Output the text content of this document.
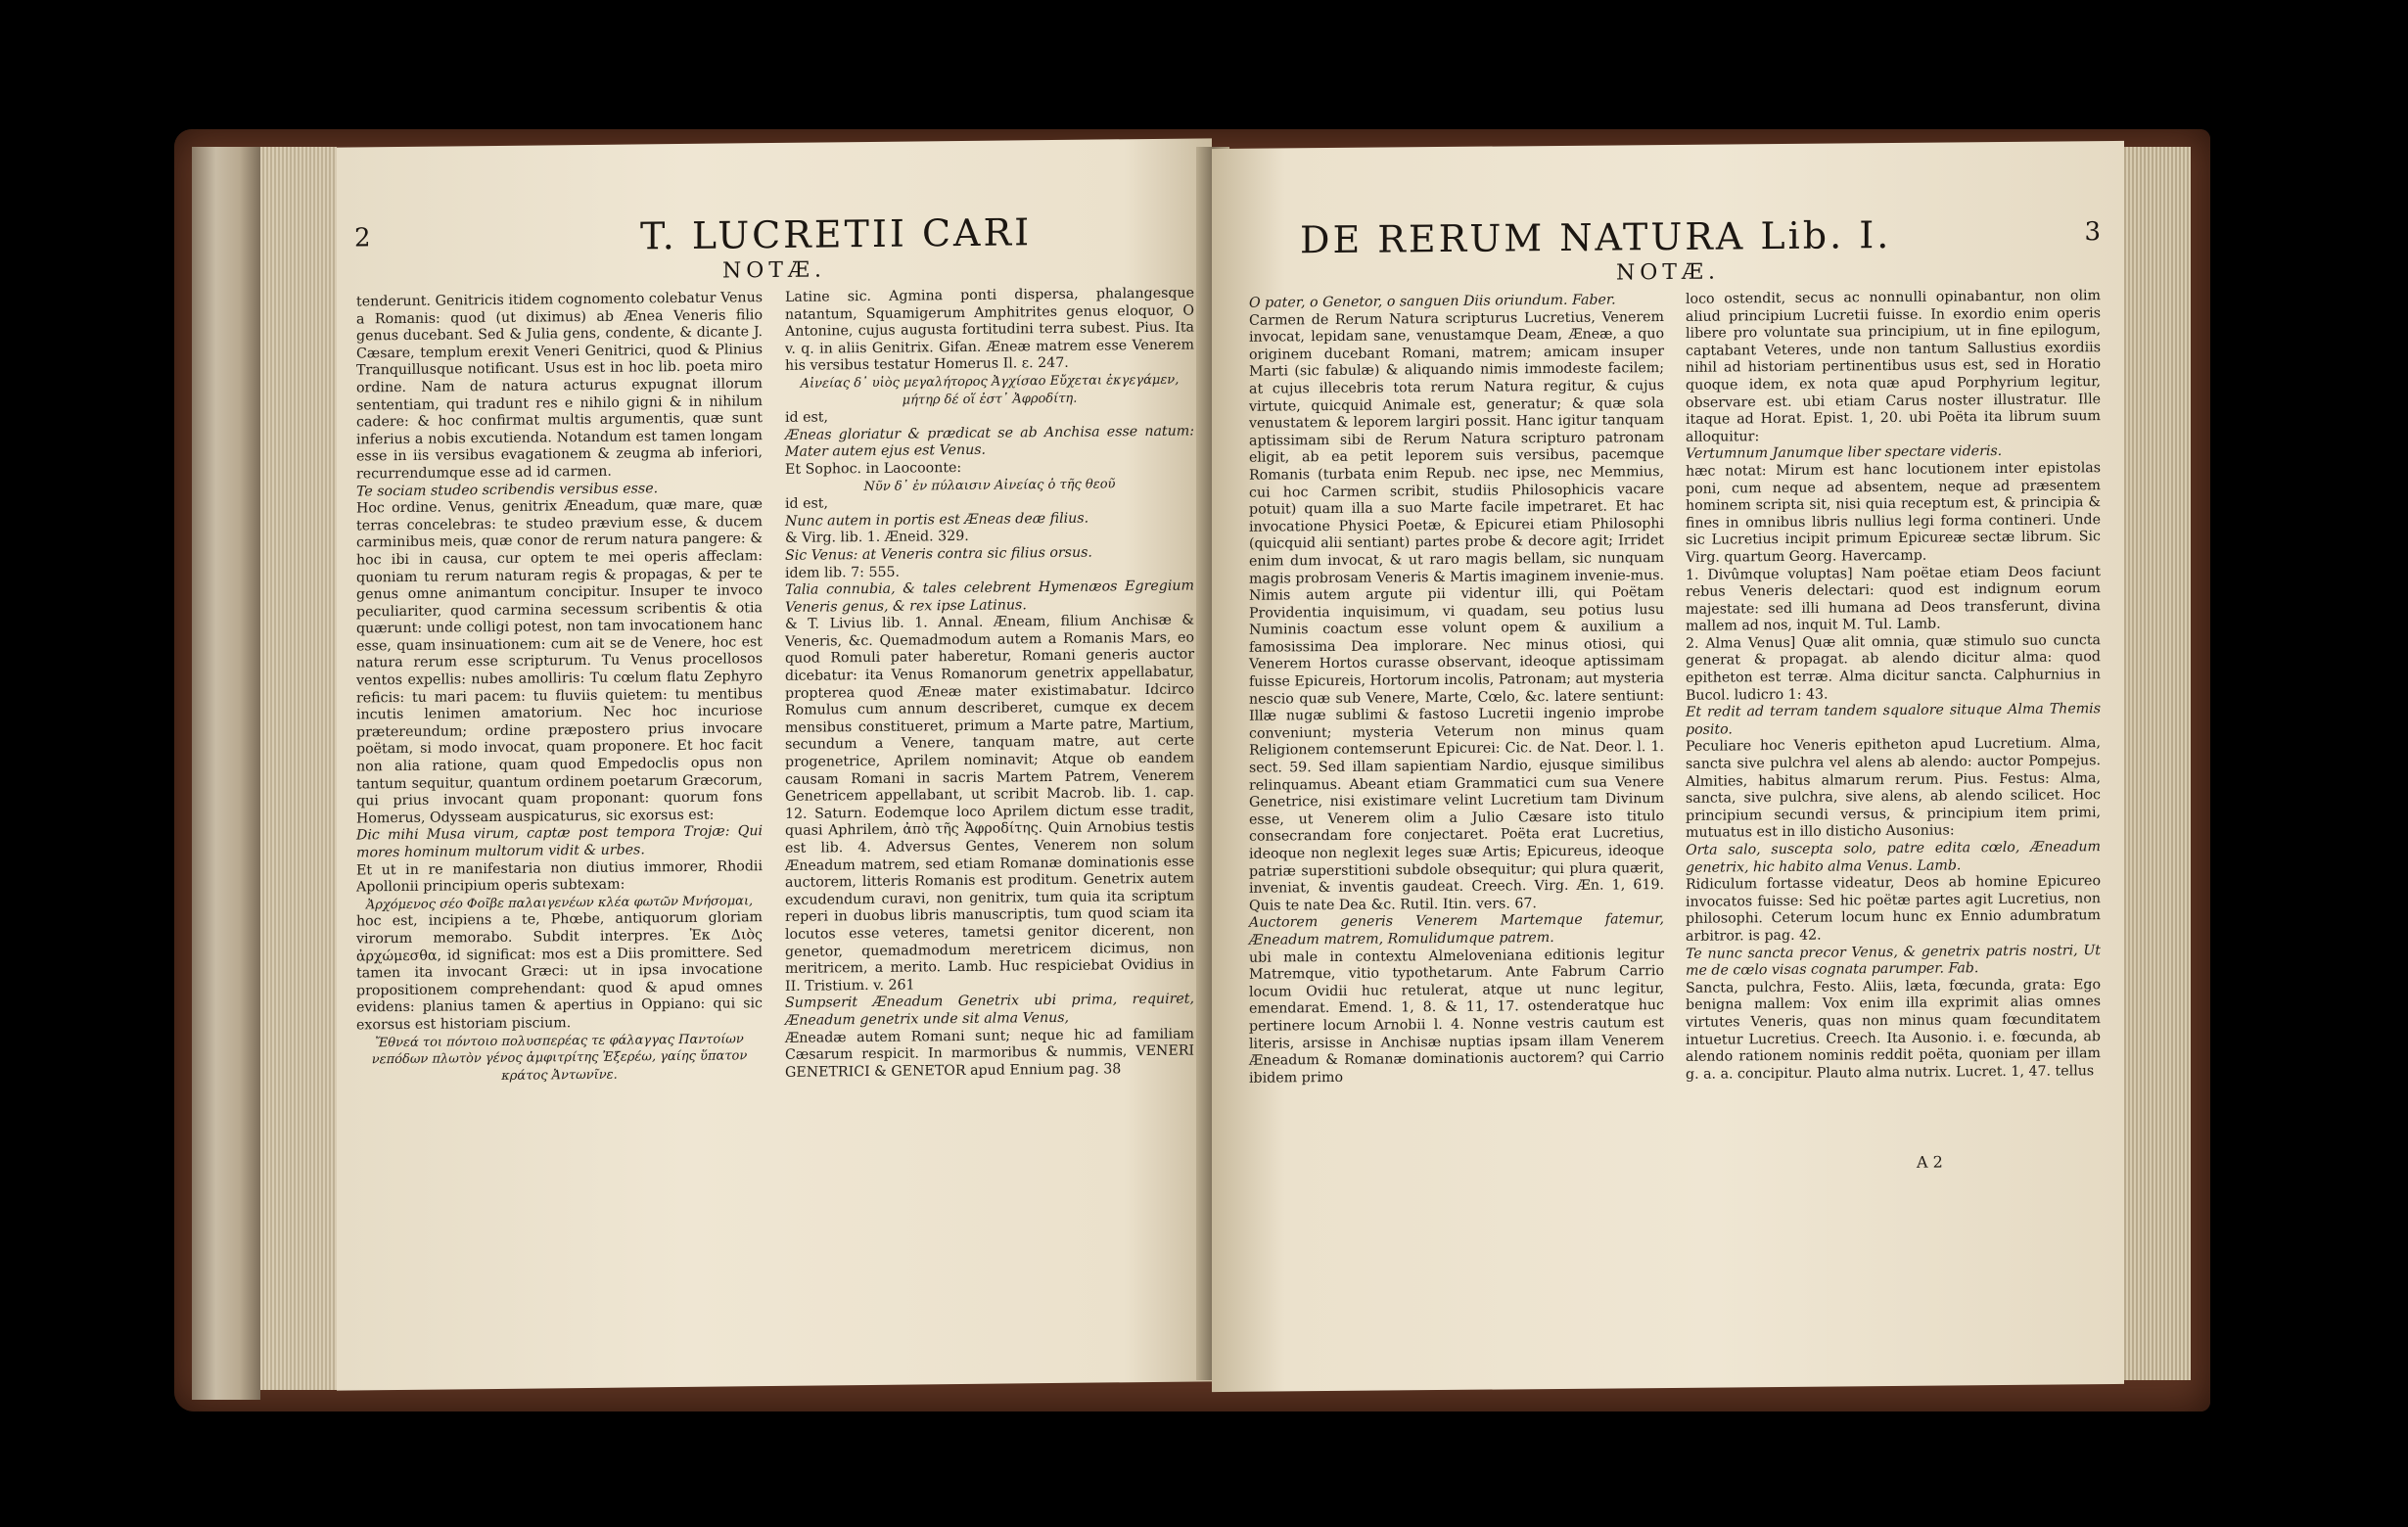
2	T. LUCRETII CARI
NOTÆ.

tenderunt. Genitricis itidem cognomento colebatur Venus a Romanis: quod (ut diximus) ab Æneа Veneris filio genus ducebant. Sed & Julia gens, condente, & dicante J. Cæsare, templum erexit Veneri Genitrici, quod & Plinius Tranquillusque notificant. Usus est in hoc lib. poeta miro ordine. Nam de natura acturus expugnat illorum sententiam, qui tradunt res e nihilo gigni & in nihilum cadere: & hoc confirmat multis argumentis, quæ sunt inferius a nobis excutienda. Notandum est tamen longam esse in iis versibus evagationem & zeugma ab inferiori, recurrendumque esse ad id carmen.

Te sociam studeo scribendis versibus esse.

Hoc ordine. Venus, genitrix Æneadum, quæ mare, quæ terras concelebras: te studeo prævium esse, & ducem carminibus meis, quæ conor de rerum natura pangere: & hoc ibi in causa, cur optem te mei operis affeclam: quoniam tu rerum naturam regis & propagas, & per te genus omne animantum concipitur. Insuper te invoco peculiariter, quod carmina secessum scribentis & otia quærunt: unde colligi potest, non tam invocationem hanc esse, quam insinuationem: cum ait se de Venere, hoc est natura rerum esse scripturum. Tu Venus procellosos ventos expellis: nubes amolliris: Tu cœlum flatu Zephyro reficis: tu mari pacem: tu fluviis quietem: tu mentibus incutis lenimen amatorium. Nec hoc incuriose prætereundum; ordine præpostero prius invocare poëtam, si modo invocat, quam proponere. Et hoc facit non alia ratione, quam quod Empedoclis opus non tantum sequitur, quantum ordinem poetarum Græcorum, qui prius invocant quam proponant: quorum fons Homerus, Odysseam auspicaturus, sic exorsus est:

Dic mihi Musa virum, captæ post tempora Trojæ: Qui mores hominum multorum vidit & urbes.

Et ut in re manifestaria non diutius immorer, Rhodii Apollonii principium operis subtexam:

Ἀρχόμενος σέο Φοῖβε παλαιγενέων κλέα φωτῶν Μνήσομαι,

hoc est, incipiens a te, Phœbe, antiquorum gloriam virorum memorabo. Subdit interpres. Ἐκ Διὸς ἀρχώμεσθα, id significat: mos est a Diis promittere. Sed tamen ita invocant Græci: ut in ipsa invocatione propositionem comprehendant: quod & apud omnes evidens: planius tamen & apertius in Oppiano: qui sic exorsus est historiam piscium.

Ἔθνεά τοι πόντοιο πολυσπερέας τε φάλαγγας Παντοίων νεπόδων πλωτὸν γένος ἀμφιτρίτης Ἐξερέω, γαίης ὕπατον κράτος Ἀντωνῖνε.

Latine sic. Agmina ponti dispersa, phalangesque natantum, Squamigerum Amphitrites genus eloquor, O Antonine, cujus augusta fortitudini terra subest. Pius. Ita v. q. in aliis Genitrix. Gifan. Æneæ matrem esse Venerem his versibus testatur Homerus Il. ε. 247.

Αἰνείας δ᾽ υἱὸς μεγαλήτορος Ἀγχίσαο Εὔχεται ἐκγεγάμεν, μήτηρ δέ οἵ ἐστ᾽ Ἀφροδίτη.

id est,

Æneas gloriatur & prædicat se ab Anchisa esse natum: Mater autem ejus est Venus.

Et Sophoc. in Laocoonte:

Νῦν δ᾽ ἐν πύλαισιν Αἰνείας ὁ τῆς θεοῦ

id est,

Nunc autem in portis est Æneas deæ filius.

& Virg. lib. 1. Æneid. 329.

Sic Venus: at Veneris contra sic filius orsus.

idem lib. 7: 555.

Talia connubia, & tales celebrent Hymenæos Egregium Veneris genus, & rex ipse Latinus.

& T. Livius lib. 1. Annal. Æneam, filium Anchisæ & Veneris, &c. Quemadmodum autem a Romanis Mars, eo quod Romuli pater haberetur, Romani generis auctor dicebatur: ita Venus Romanorum genetrix appellabatur, propterea quod Æneæ mater existimabatur. Idcirco Romulus cum annum describeret, cumque ex decem mensibus constitueret, primum a Marte patre, Martium, secundum a Venere, tanquam matre, aut certe progenetrice, Aprilem nominavit; Atque ob eandem causam Romani in sacris Martem Patrem, Venerem Genetricem appellabant, ut scribit Macrob. lib. 1. cap. 12. Saturn. Eodemque loco Aprilem dictum esse tradit, quasi Aphrilem, ἀπὸ τῆς Ἀφροδίτης. Quin Arnobius testis est lib. 4. Adversus Gentes, Venerem non solum Æneadum matrem, sed etiam Romanæ dominationis esse auctorem, litteris Romanis est proditum. Genetrix autem excudendum curavi, non genitrix, tum quia ita scriptum reperi in duobus libris manuscriptis, tum quod sciam ita locutos esse veteres, tametsi genitor dicerent, non genetor, quemadmodum meretricem dicimus, non meritricem, a merito. Lamb. Huc respiciebat Ovidius in II. Tristium. v. 261

Sumpserit Æneadum Genetrix ubi prima, requiret, Æneadum genetrix unde sit alma Venus,

Æneadæ autem Romani sunt; neque hic ad familiam Cæsarum respicit. In marmoribus & nummis, VENERI GENETRICI & GENETOR apud Ennium pag. 38

DE RERUM NATURA Lib. I.	3
NOTÆ.

O pater, o Genetor, o sanguen Diis oriundum. Faber.

Carmen de Rerum Natura scripturus Lucretius, Venerem invocat, lepidam sane, venustamque Deam, Æneæ, a quo originem ducebant Romani, matrem; amicam insuper Marti (sic fabulæ) & aliquando nimis immodeste facilem; at cujus illecebris tota rerum Natura regitur, & cujus virtute, quicquid Animale est, generatur; & quæ sola venustatem & leporem largiri possit. Hanc igitur tanquam aptissimam sibi de Rerum Natura scripturo patronam eligit, ab ea petit leporem suis versibus, pacemque Romanis (turbata enim Repub. nec ipse, nec Memmius, cui hoc Carmen scribit, studiis Philosophicis vacare potuit) quam illa a suo Marte facile impetraret. Et hac invocatione Physici Poetæ, & Epicurei etiam Philosophi (quicquid alii sentiant) partes probe & decore agit; Irridet enim dum invocat, & ut raro magis bellam, sic nunquam magis probrosam Veneris & Martis imaginem invenie-mus. Nimis autem argute pii videntur illi, qui Poëtam Providentia inquisimum, vi quadam, seu potius lusu Numinis coactum esse volunt opem & auxilium a famosissima Dea implorare. Nec minus otiosi, qui Venerem Hortos curasse observant, ideoque aptissimam fuisse Epicureis, Hortorum incolis, Patronam; aut mysteria nescio quæ sub Venere, Marte, Cœlo, &c. latere sentiunt: Illæ nugæ sublimi & fastoso Lucretii ingenio improbe conveniunt; mysteria Veterum non minus quam Religionem contemserunt Epicurei: Cic. de Nat. Deor. l. 1. sect. 59. Sed illam sapientiam Nardio, ejusque similibus relinquamus. Abeant etiam Grammatici cum sua Venere Genetrice, nisi existimare velint Lucretium tam Divinum esse, ut Venerem olim a Julio Cæsare isto titulo consecrandam fore conjectaret. Poëta erat Lucretius, ideoque non neglexit leges suæ Artis; Epicureus, ideoque patriæ superstitioni subdole obsequitur; qui plura quærit, inveniat, & inventis gaudeat. Creech. Virg. Æn. 1, 619. Quis te nate Dea &c. Rutil. Itin. vers. 67.

Auctorem generis Venerem Martemque fatemur, Æneadum matrem, Romulidumque patrem.

ubi male in contextu Almeloveniana editionis legitur Matremque, vitio typothetarum. Ante Fabrum Carrio locum Ovidii huc retulerat, atque ut nunc legitur, emendarat. Emend. 1, 8. & 11, 17. ostenderatque huc pertinere locum Arnobii l. 4. Nonne vestris cautum est literis, arsisse in Anchisæ nuptias ipsam illam Venerem Æneadum & Romanæ dominationis auctorem? qui Carrio ibidem primo

loco ostendit, secus ac nonnulli opinabantur, non olim aliud principium Lucretii fuisse. In exordio enim operis libere pro voluntate sua principium, ut in fine epilogum, captabant Veteres, unde non tantum Sallustius exordiis nihil ad historiam pertinentibus usus est, sed in Horatio quoque idem, ex nota quæ apud Porphyrium legitur, observare est. ubi etiam Carus noster illustratur. Ille itaque ad Horat. Epist. 1, 20. ubi Poëta ita librum suum alloquitur:

Vertumnum Janumque liber spectare videris.

hæc notat: Mirum est hanc locutionem inter epistolas poni, cum neque ad absentem, neque ad præsentem hominem scripta sit, nisi quia receptum est, & principia & fines in omnibus libris nullius legi forma contineri. Unde sic Lucretius incipit primum Epicureæ sectæ librum. Sic Virg. quartum Georg. Havercamp.

1. Divûmque voluptas] Nam poëtae etiam Deos faciunt rebus Veneris delectari: quod est indignum eorum majestate: sed illi humana ad Deos transferunt, divina mallem ad nos, inquit M. Tul. Lamb.

2. Alma Venus] Quæ alit omnia, quæ stimulo suo cuncta generat & propagat. ab alendo dicitur alma: quod epitheton est terræ. Alma dicitur sancta. Calphurnius in Bucol. ludicro 1: 43.

Et redit ad terram tandem squalore situque Alma Themis posito.

Peculiare hoc Veneris epitheton apud Lucretium. Alma, sancta sive pulchra vel alens ab alendo: auctor Pompejus. Almities, habitus almarum rerum. Pius. Festus: Alma, sancta, sive pulchra, sive alens, ab alendo scilicet. Hoc principium secundi versus, & principium item primi, mutuatus est in illo disticho Ausonius:

Orta salo, suscepta solo, patre edita cœlo, Æneadum genetrix, hic habito alma Venus. Lamb.

Ridiculum fortasse videatur, Deos ab homine Epicureo invocatos fuisse: Sed hic poëtæ partes agit Lucretius, non philosophi. Ceterum locum hunc ex Ennio adumbratum arbitror. is pag. 42.

Te nunc sancta precor Venus, & genetrix patris nostri, Ut me de cœlo visas cognata parumper. Fab.

Sancta, pulchra, Festo. Aliis, læta, fœcunda, grata: Ego benigna mallem: Vox enim illa exprimit alias omnes virtutes Veneris, quas non minus quam fœcunditatem intuetur Lucretius. Creech. Ita Ausonio. i. e. fœcunda, ab alendo rationem nominis reddit poëta, quoniam per illam g. a. a. concipitur. Plauto alma nutrix. Lucret. 1, 47. tellus

A 2
